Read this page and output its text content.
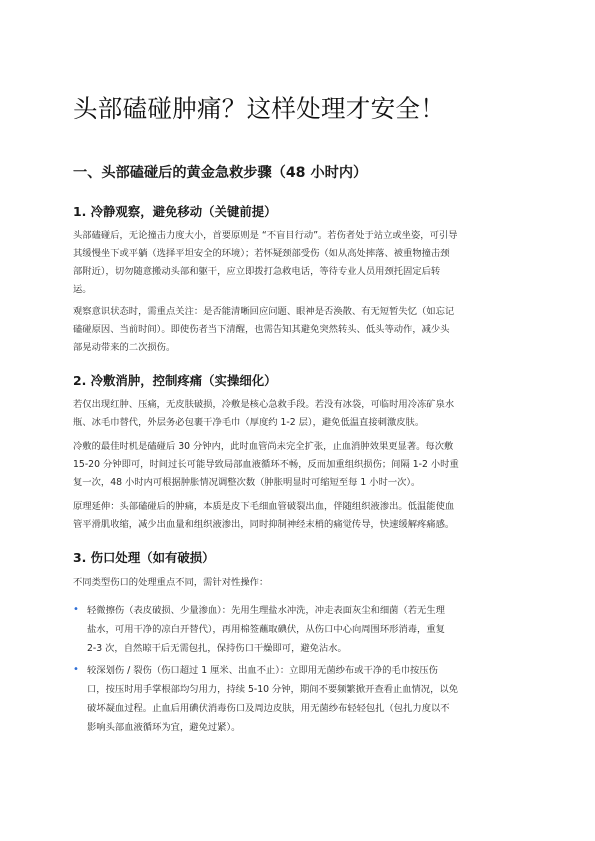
头部磕碰肿痛？这样处理才安全！
一、头部磕碰后的黄金急救步骤（48 小时内）
1. 冷静观察，避免移动（关键前提）
头部磕碰后，无论撞击力度大小，首要原则是 “不盲目行动”。若伤者处于站立或坐姿，可引导
其缓慢坐下或平躺（选择平坦安全的环境）；若怀疑颈部受伤（如从高处摔落、被重物撞击颈
部附近），切勿随意搬动头部和躯干，应立即拨打急救电话，等待专业人员用颈托固定后转
运。
观察意识状态时，需重点关注：是否能清晰回应问题、眼神是否涣散、有无短暂失忆（如忘记
磕碰原因、当前时间）。即使伤者当下清醒，也需告知其避免突然转头、低头等动作，减少头
部晃动带来的二次损伤。
2. 冷敷消肿，控制疼痛（实操细化）
若仅出现红肿、压痛，无皮肤破损，冷敷是核心急救手段。若没有冰袋，可临时用冷冻矿泉水
瓶、冰毛巾替代，外层务必包裹干净毛巾（厚度约 1-2 层），避免低温直接刺激皮肤。
冷敷的最佳时机是磕碰后 30 分钟内，此时血管尚未完全扩张，止血消肿效果更显著。每次敷
15-20 分钟即可，时间过长可能导致局部血液循环不畅，反而加重组织损伤；间隔 1-2 小时重
复一次，48 小时内可根据肿胀情况调整次数（肿胀明显时可缩短至每 1 小时一次）。
原理延伸：头部磕碰后的肿痛，本质是皮下毛细血管破裂出血，伴随组织液渗出。低温能使血
管平滑肌收缩，减少出血量和组织液渗出，同时抑制神经末梢的痛觉传导，快速缓解疼痛感。
3. 伤口处理（如有破损）
不同类型伤口的处理重点不同，需针对性操作：
• 轻微擦伤（表皮破损、少量渗血）：先用生理盐水冲洗，冲走表面灰尘和细菌（若无生理
盐水，可用干净的凉白开替代），再用棉签蘸取碘伏，从伤口中心向周围环形消毒，重复
2-3 次，自然晾干后无需包扎，保持伤口干燥即可，避免沾水。
• 较深划伤 / 裂伤（伤口超过 1 厘米、出血不止）：立即用无菌纱布或干净的毛巾按压伤
口，按压时用手掌根部均匀用力，持续 5-10 分钟，期间不要频繁掀开查看止血情况，以免
破坏凝血过程。止血后用碘伏消毒伤口及周边皮肤，用无菌纱布轻轻包扎（包扎力度以不
影响头部血液循环为宜，避免过紧）。
